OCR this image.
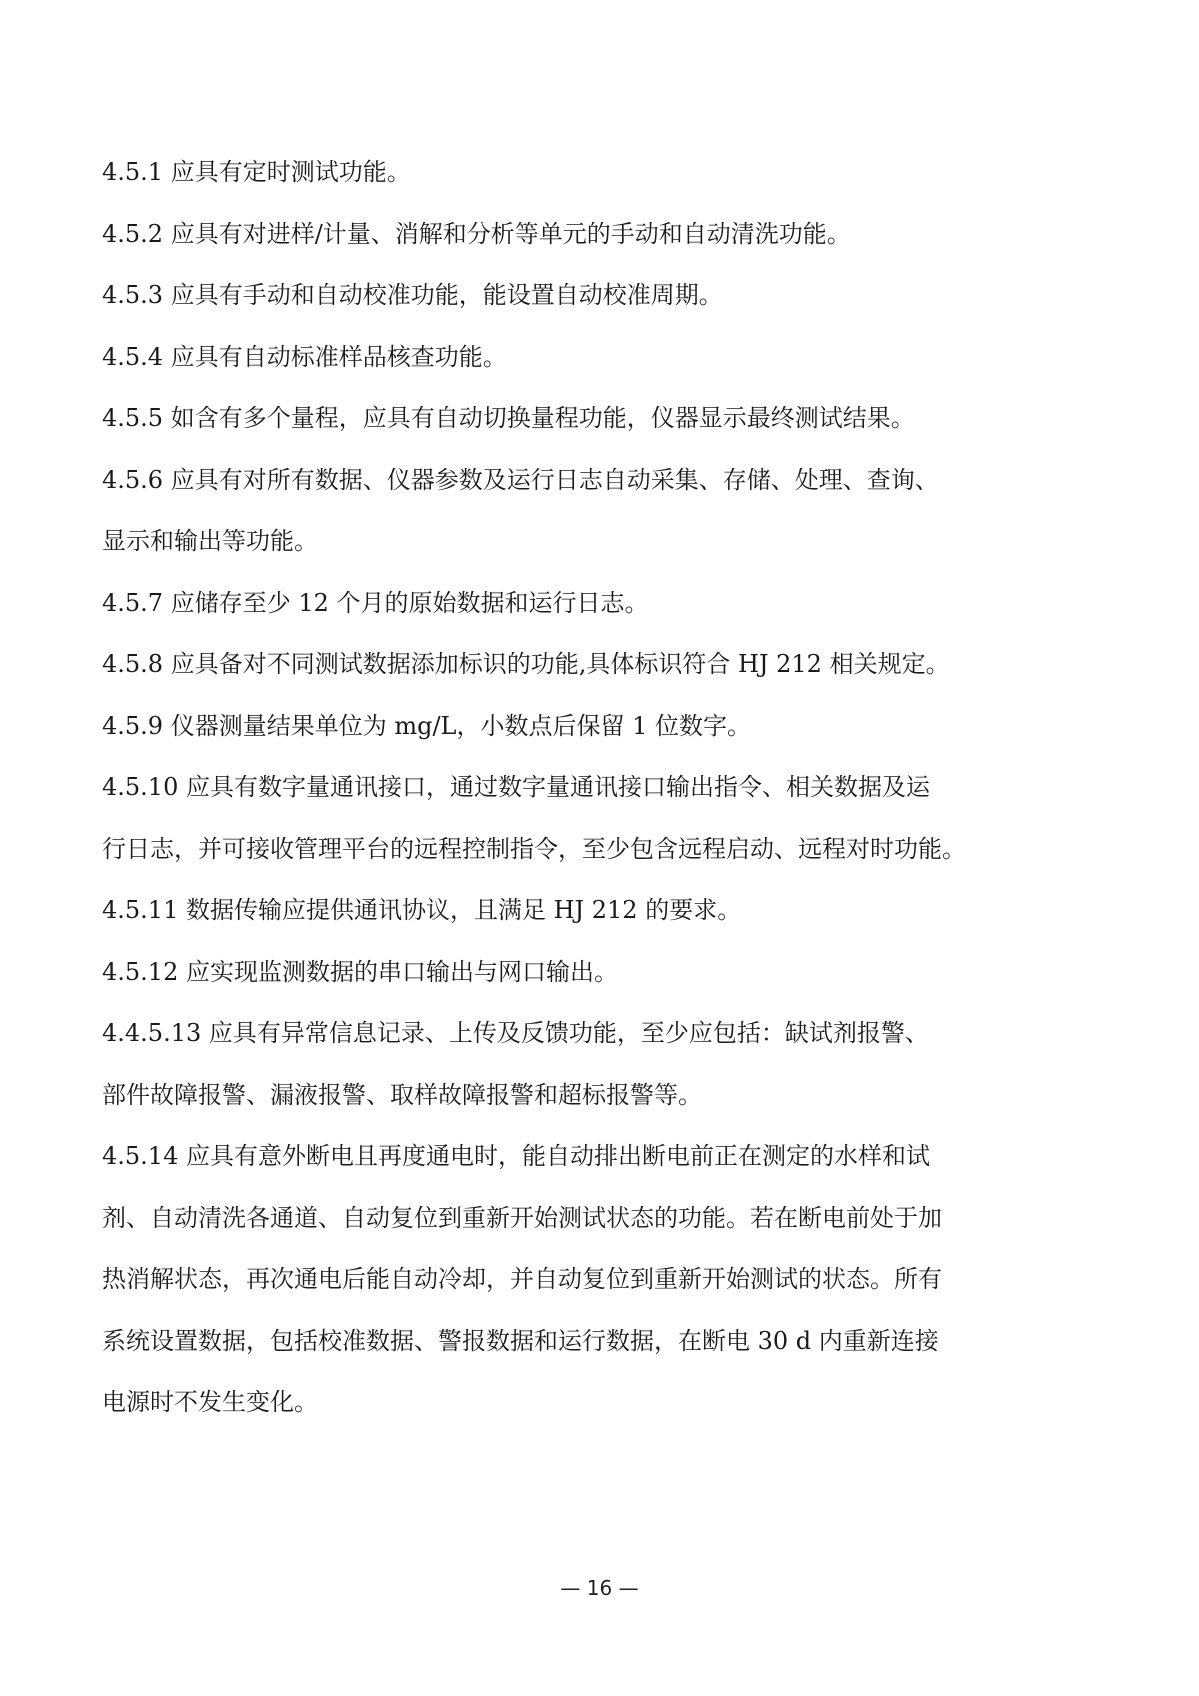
4.5.1 应具有定时测试功能。

4.5.2 应具有对进样/计量、消解和分析等单元的手动和自动清洗功能。

4.5.3 应具有手动和自动校准功能，能设置自动校准周期。

4.5.4 应具有自动标准样品核查功能。

4.5.5 如含有多个量程，应具有自动切换量程功能，仪器显示最终测试结果。

4.5.6 应具有对所有数据、仪器参数及运行日志自动采集、存储、处理、查询、

显示和输出等功能。

4.5.7 应储存至少 12 个月的原始数据和运行日志。

4.5.8 应具备对不同测试数据添加标识的功能,具体标识符合 HJ 212 相关规定。

4.5.9 仪器测量结果单位为 mg/L，小数点后保留 1 位数字。

4.5.10 应具有数字量通讯接口，通过数字量通讯接口输出指令、相关数据及运

行日志，并可接收管理平台的远程控制指令，至少包含远程启动、远程对时功能。

4.5.11 数据传输应提供通讯协议，且满足 HJ 212 的要求。

4.5.12 应实现监测数据的串口输出与网口输出。

4.4.5.13 应具有异常信息记录、上传及反馈功能，至少应包括：缺试剂报警、

部件故障报警、漏液报警、取样故障报警和超标报警等。

4.5.14 应具有意外断电且再度通电时，能自动排出断电前正在测定的水样和试

剂、自动清洗各通道、自动复位到重新开始测试状态的功能。若在断电前处于加

热消解状态，再次通电后能自动冷却，并自动复位到重新开始测试的状态。所有

系统设置数据，包括校准数据、警报数据和运行数据，在断电 30 d 内重新连接

电源时不发生变化。

— 16 —
